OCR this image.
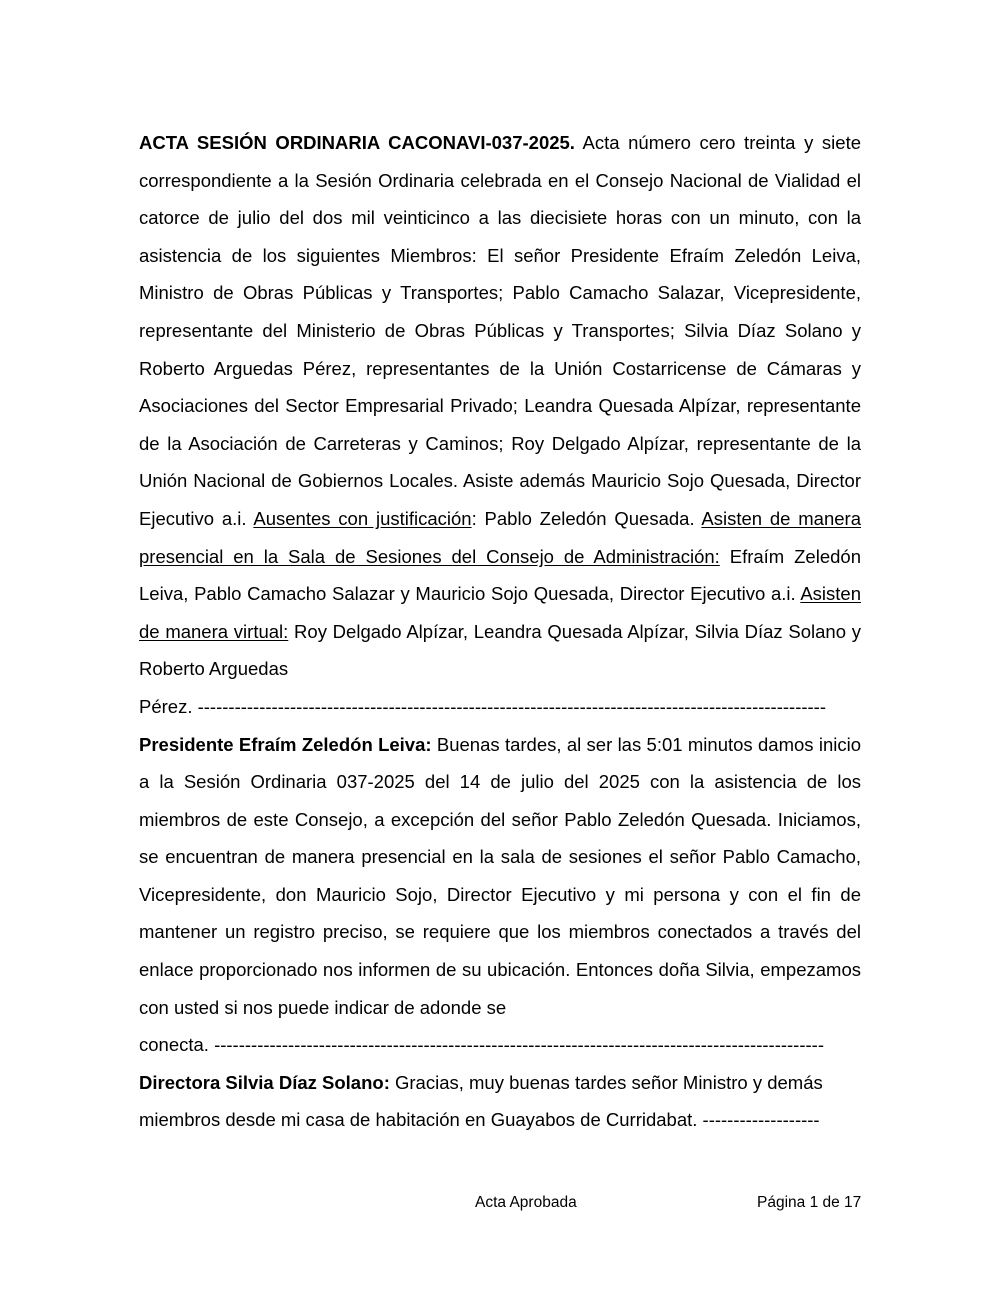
ACTA SESIÓN ORDINARIA CACONAVI-037-2025. Acta número cero treinta y siete correspondiente a la Sesión Ordinaria celebrada en el Consejo Nacional de Vialidad el catorce de julio del dos mil veinticinco a las diecisiete horas con un minuto, con la asistencia de los siguientes Miembros: El señor Presidente Efraím Zeledón Leiva, Ministro de Obras Públicas y Transportes; Pablo Camacho Salazar, Vicepresidente, representante del Ministerio de Obras Públicas y Transportes; Silvia Díaz Solano y Roberto Arguedas Pérez, representantes de la Unión Costarricense de Cámaras y Asociaciones del Sector Empresarial Privado; Leandra Quesada Alpízar, representante de la Asociación de Carreteras y Caminos; Roy Delgado Alpízar, representante de la Unión Nacional de Gobiernos Locales. Asiste además Mauricio Sojo Quesada, Director Ejecutivo a.i. Ausentes con justificación: Pablo Zeledón Quesada. Asisten de manera presencial en la Sala de Sesiones del Consejo de Administración: Efraím Zeledón Leiva, Pablo Camacho Salazar y Mauricio Sojo Quesada, Director Ejecutivo a.i. Asisten de manera virtual: Roy Delgado Alpízar, Leandra Quesada Alpízar, Silvia Díaz Solano y Roberto Arguedas

Pérez. ------------------------------------------------------------------------------------------------------

Presidente Efraím Zeledón Leiva: Buenas tardes, al ser las 5:01 minutos damos inicio a la Sesión Ordinaria 037-2025 del 14 de julio del 2025 con la asistencia de los miembros de este Consejo, a excepción del señor Pablo Zeledón Quesada. Iniciamos, se encuentran de manera presencial en la sala de sesiones el señor Pablo Camacho, Vicepresidente, don Mauricio Sojo, Director Ejecutivo y mi persona y con el fin de mantener un registro preciso, se requiere que los miembros conectados a través del enlace proporcionado nos informen de su ubicación. Entonces doña Silvia, empezamos con usted si nos puede indicar de adonde se

conecta. ---------------------------------------------------------------------------------------------------

Directora Silvia Díaz Solano: Gracias, muy buenas tardes señor Ministro y demás

miembros desde mi casa de habitación en Guayabos de Curridabat. -------------------
Acta Aprobada	Página 1 de 17
